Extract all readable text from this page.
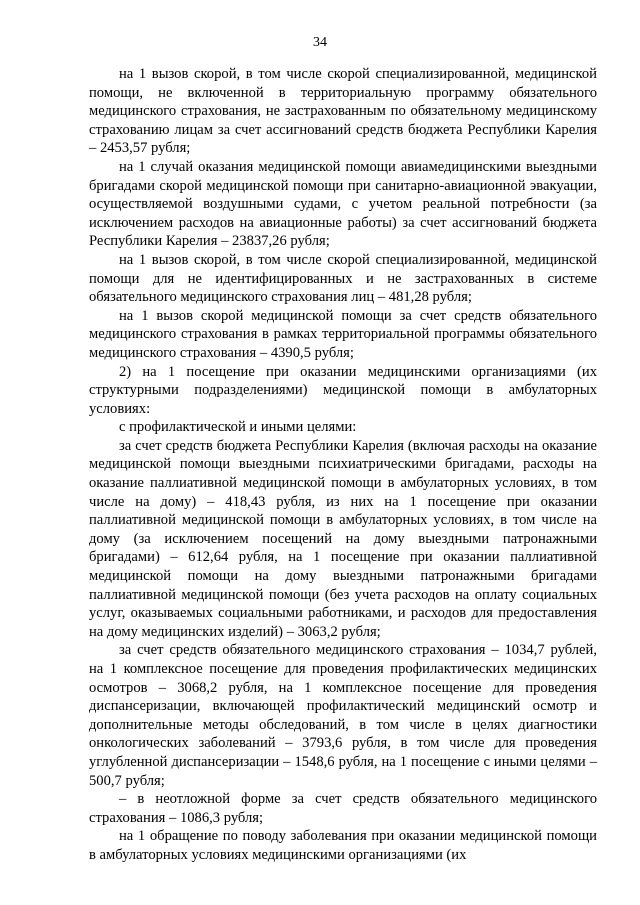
34

на 1 вызов скорой, в том числе скорой специализированной, медицинской помощи, не включенной в территориальную программу обязательного медицинского страхования, не застрахованным по обязательному медицинскому страхованию лицам за счет ассигнований средств бюджета Республики Карелия – 2453,57 рубля;

на 1 случай оказания медицинской помощи авиамедицинскими выездными бригадами скорой медицинской помощи при санитарно-авиационной эвакуации, осуществляемой воздушными судами, с учетом реальной потребности (за исключением расходов на авиационные работы) за счет ассигнований бюджета Республики Карелия – 23837,26 рубля;

на 1 вызов скорой, в том числе скорой специализированной, медицинской помощи для не идентифицированных и не застрахованных в системе обязательного медицинского страхования лиц – 481,28 рубля;

на 1 вызов скорой медицинской помощи за счет средств обязательного медицинского страхования в рамках территориальной программы обязательного медицинского страхования – 4390,5 рубля;

2) на 1 посещение при оказании медицинскими организациями (их структурными подразделениями) медицинской помощи в амбулаторных условиях:

с профилактической и иными целями:

за счет средств бюджета Республики Карелия (включая расходы на оказание медицинской помощи выездными психиатрическими бригадами, расходы на оказание паллиативной медицинской помощи в амбулаторных условиях, в том числе на дому) – 418,43 рубля, из них на 1 посещение при оказании паллиативной медицинской помощи в амбулаторных условиях, в том числе на дому (за исключением посещений на дому выездными патронажными бригадами) – 612,64 рубля, на 1 посещение при оказании паллиативной медицинской помощи на дому выездными патронажными бригадами паллиативной медицинской помощи (без учета расходов на оплату социальных услуг, оказываемых социальными работниками, и расходов для предоставления на дому медицинских изделий) – 3063,2 рубля;

за счет средств обязательного медицинского страхования – 1034,7 рублей, на 1 комплексное посещение для проведения профилактических медицинских осмотров – 3068,2 рубля, на 1 комплексное посещение для проведения диспансеризации, включающей профилактический медицинский осмотр и дополнительные методы обследований, в том числе в целях диагностики онкологических заболеваний – 3793,6 рубля, в том числе для проведения углубленной диспансеризации – 1548,6 рубля, на 1 посещение с иными целями – 500,7 рубля;

– в неотложной форме за счет средств обязательного медицинского страхования – 1086,3 рубля;

на 1 обращение по поводу заболевания при оказании медицинской помощи в амбулаторных условиях медицинскими организациями (их
